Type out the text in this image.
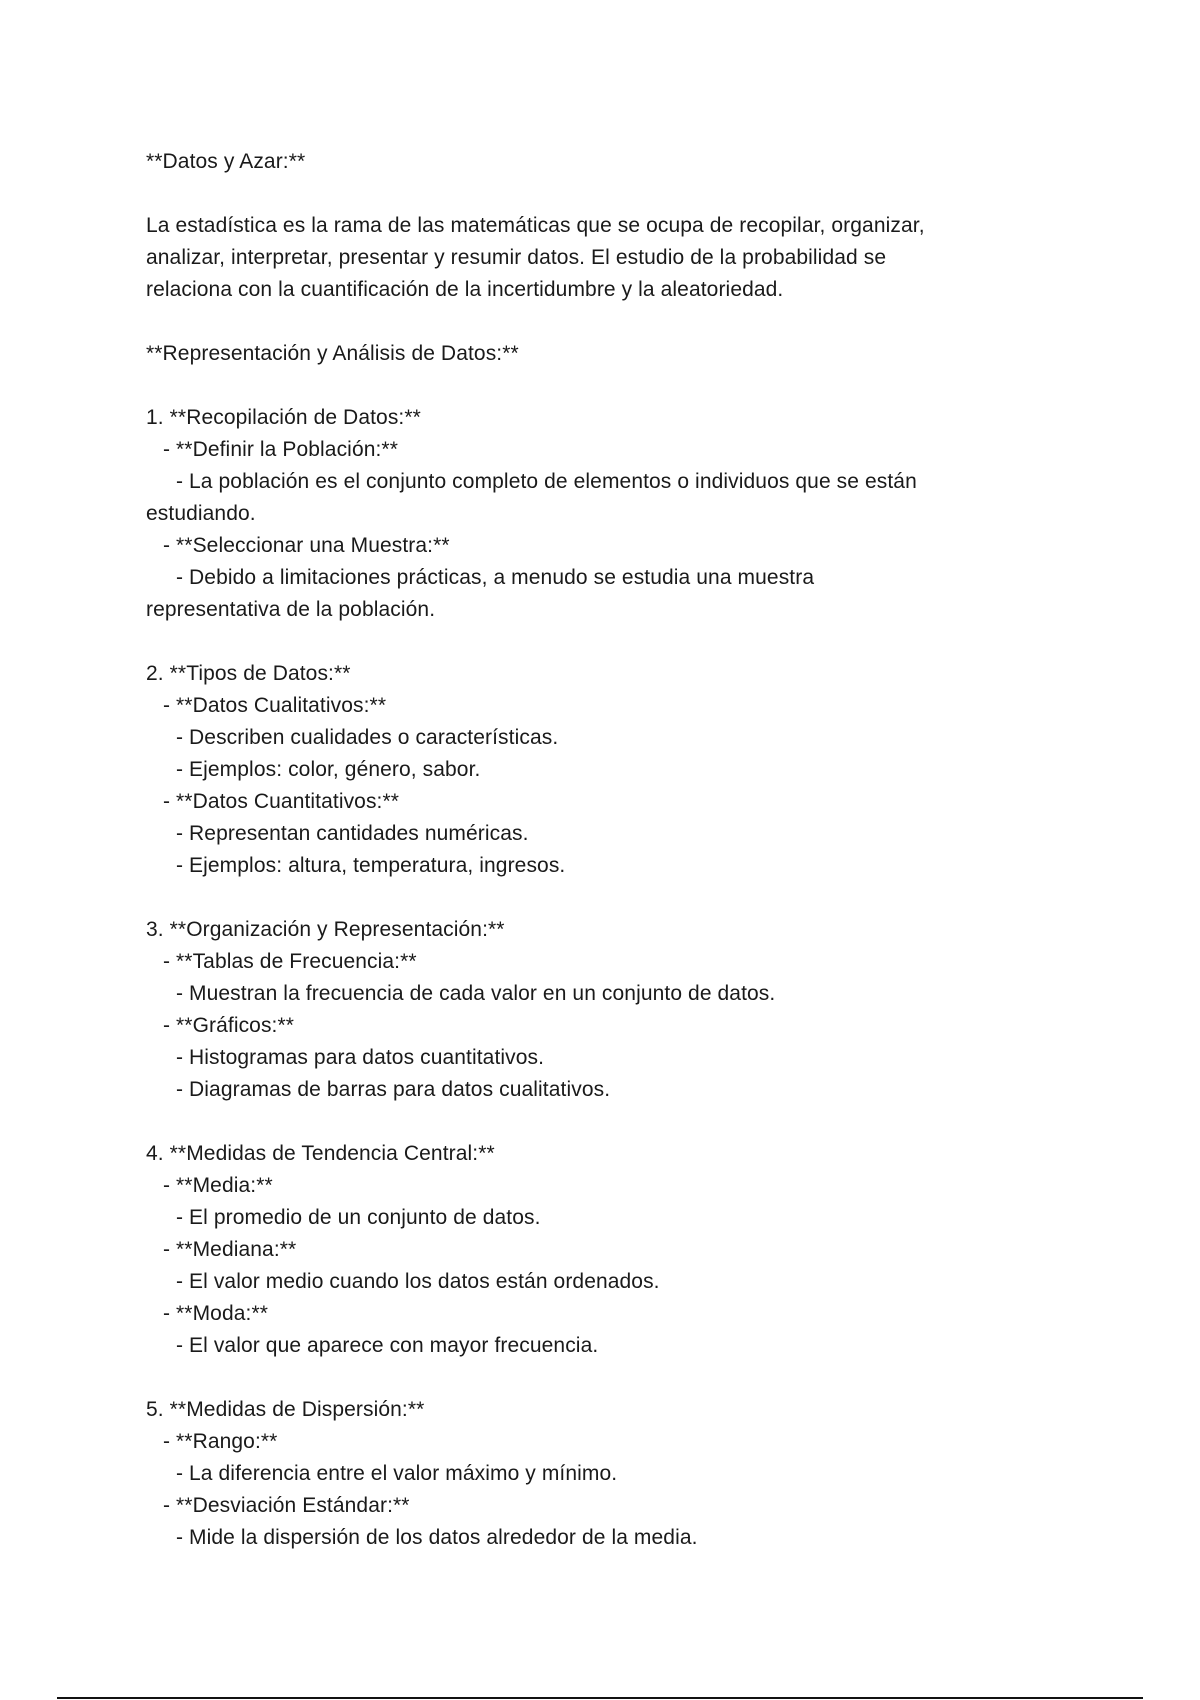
**Datos y Azar:**
La estadística es la rama de las matemáticas que se ocupa de recopilar, organizar,
analizar, interpretar, presentar y resumir datos. El estudio de la probabilidad se
relaciona con la cuantificación de la incertidumbre y la aleatoriedad.
**Representación y Análisis de Datos:**
1. **Recopilación de Datos:**
- **Definir la Población:**
- La población es el conjunto completo de elementos o individuos que se están
estudiando.
- **Seleccionar una Muestra:**
- Debido a limitaciones prácticas, a menudo se estudia una muestra
representativa de la población.
2. **Tipos de Datos:**
- **Datos Cualitativos:**
- Describen cualidades o características.
- Ejemplos: color, género, sabor.
- **Datos Cuantitativos:**
- Representan cantidades numéricas.
- Ejemplos: altura, temperatura, ingresos.
3. **Organización y Representación:**
- **Tablas de Frecuencia:**
- Muestran la frecuencia de cada valor en un conjunto de datos.
- **Gráficos:**
- Histogramas para datos cuantitativos.
- Diagramas de barras para datos cualitativos.
4. **Medidas de Tendencia Central:**
- **Media:**
- El promedio de un conjunto de datos.
- **Mediana:**
- El valor medio cuando los datos están ordenados.
- **Moda:**
- El valor que aparece con mayor frecuencia.
5. **Medidas de Dispersión:**
- **Rango:**
- La diferencia entre el valor máximo y mínimo.
- **Desviación Estándar:**
- Mide la dispersión de los datos alrededor de la media.
